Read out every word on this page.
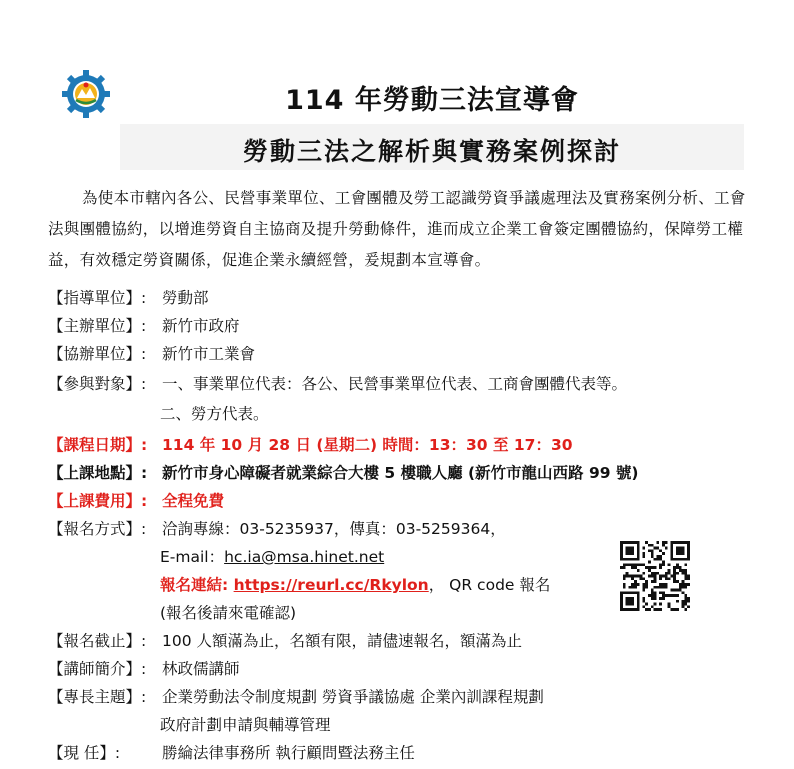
114 年勞動三法宣導會
勞動三法之解析與實務案例探討
為使本市轄內各公、民營事業單位、工會團體及勞工認識勞資爭議處理法及實務案例分析、工會法與團體協約，以增進勞資自主協商及提升勞動條件，進而成立企業工會簽定團體協約，保障勞工權益，有效穩定勞資關係，促進企業永續經營，爰規劃本宣導會。
【指導單位】: 勞動部
【主辦單位】: 新竹市政府
【協辦單位】: 新竹市工業會
【參與對象】: 一、事業單位代表：各公、民營事業單位代表、工商會團體代表等。
二、勞方代表。
【課程日期】: 114 年 10 月 28 日 (星期二) 時間：13：30 至 17：30
【上課地點】: 新竹市身心障礙者就業綜合大樓 5 樓職人廳 (新竹市龍山西路 99 號)
【上課費用】: 全程免費
【報名方式】: 洽詢專線：03-5235937，傳真：03-5259364，
E-mail：hc.ia@msa.hinet.net
報名連結: https://reurl.cc/Rkylon， QR code 報名
(報名後請來電確認)
【報名截止】: 100 人額滿為止，名額有限，請儘速報名，額滿為止
【講師簡介】: 林政儒講師
【專長主題】: 企業勞動法令制度規劃 勞資爭議協處 企業內訓課程規劃
政府計劃申請與輔導管理
【現 任】:	勝綸法律事務所 執行顧問暨法務主任
